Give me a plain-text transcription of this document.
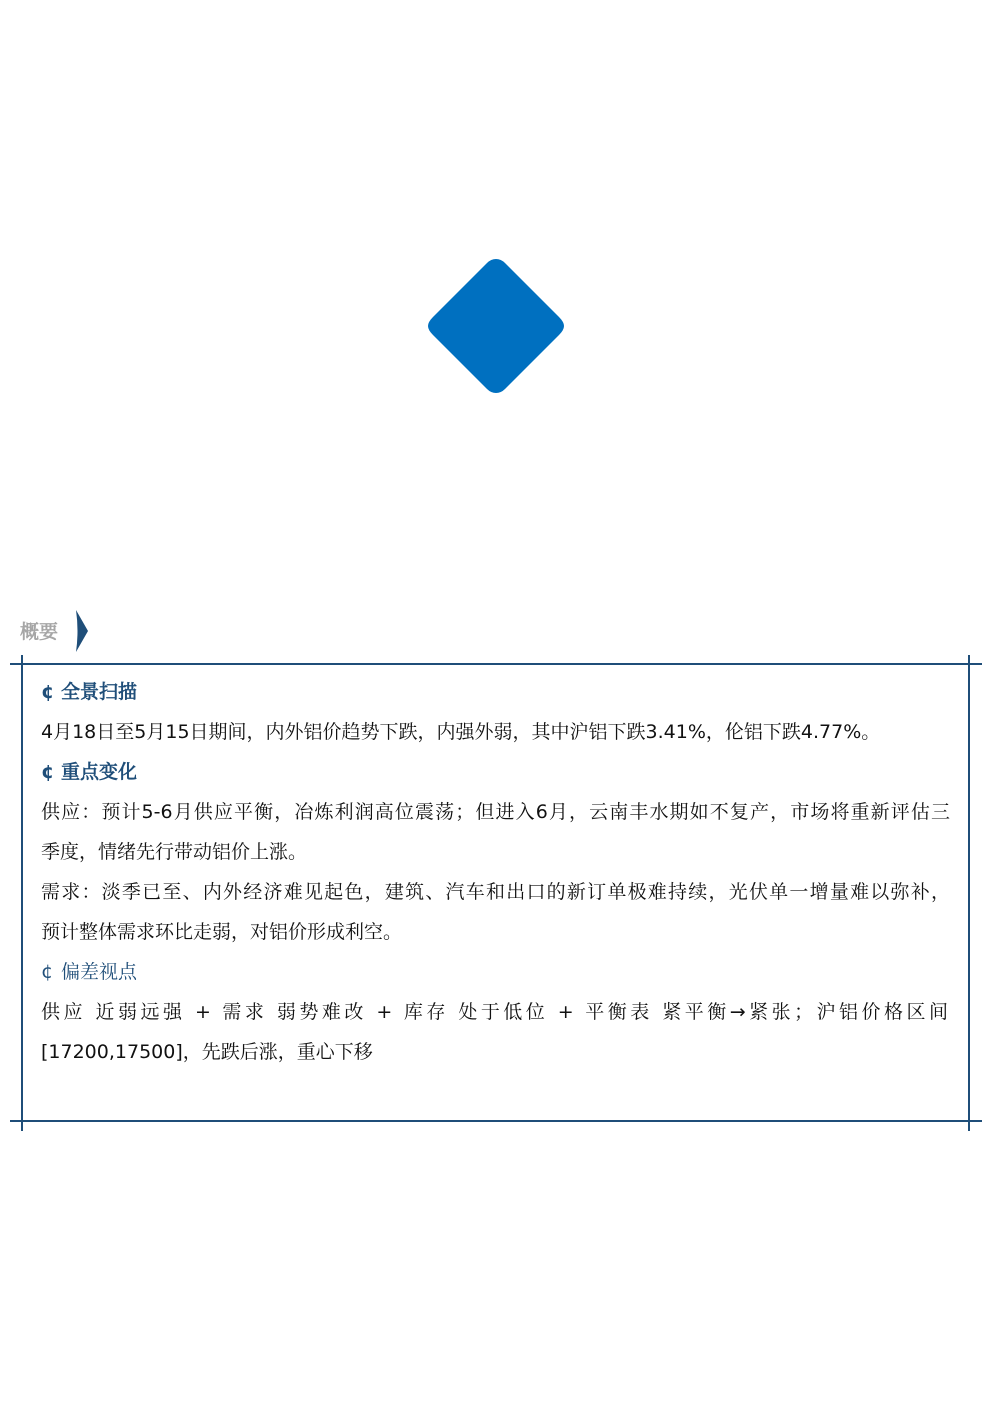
概要
¢ 全景扫描
4月18日至5月15日期间，内外铝价趋势下跌，内强外弱，其中沪铝下跌3.41%，伦铝下跌4.77%。
¢ 重点变化
供应：预计5-6月供应平衡，冶炼利润高位震荡；但进入6月，云南丰水期如不复产，市场将重新评估三
季度，情绪先行带动铝价上涨。
需求：淡季已至、内外经济难见起色，建筑、汽车和出口的新订单极难持续，光伏单一增量难以弥补，
预计整体需求环比走弱，对铝价形成利空。
¢ 偏差视点
供应 近弱远强 + 需求 弱势难改 + 库存 处于低位 + 平衡表 紧平衡→紧张；沪铝价格区间
[17200,17500]，先跌后涨，重心下移
